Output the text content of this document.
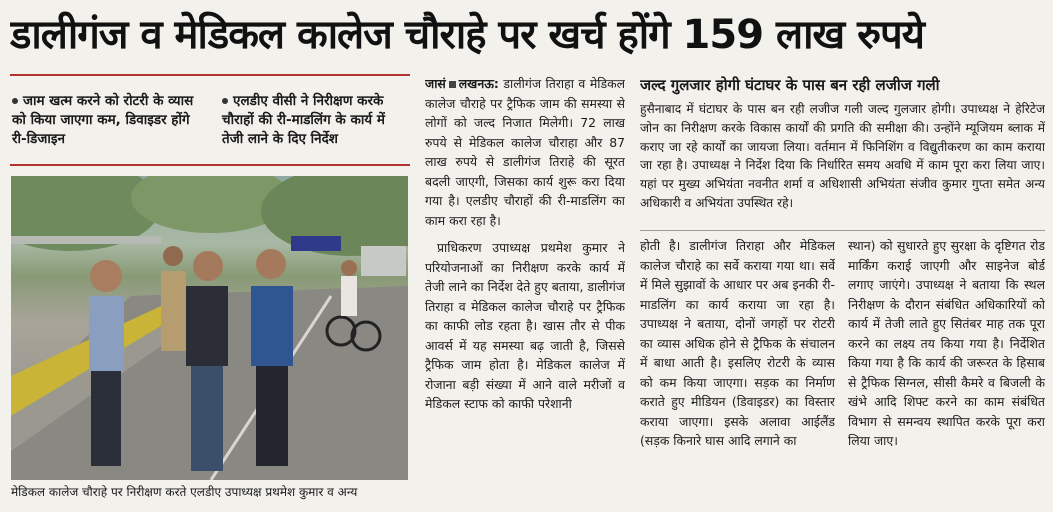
डालीगंज व मेडिकल कालेज चौराहे पर खर्च होंगे 159 लाख रुपये
जाम खत्म करने को रोटरी के व्यास को किया जाएगा कम, डिवाइडर होंगे री-डिजाइन
एलडीए वीसी ने निरीक्षण करके चौराहों की री-माडलिंग के कार्य में तेजी लाने के दिए निर्देश
मेडिकल कालेज चौराहे पर निरीक्षण करते एलडीए उपाध्यक्ष प्रथमेश कुमार व अन्य

जासं लखनऊ: डालीगंज तिराहा व मेडिकल कालेज चौराहे पर ट्रैफिक जाम की समस्या से लोगों को जल्द निजात मिलेगी। 72 लाख रुपये से मेडिकल कालेज चौराहा और 87 लाख रुपये से डालीगंज तिराहे की सूरत बदली जाएगी, जिसका कार्य शुरू करा दिया गया है। एलडीए चौराहों की री-माडलिंग का काम करा रहा है।

प्राधिकरण उपाध्यक्ष प्रथमेश कुमार ने परियोजनाओं का निरीक्षण करके कार्य में तेजी लाने का निर्देश देते हुए बताया, डालीगंज तिराहा व मेडिकल कालेज चौराहे पर ट्रैफिक का काफी लोड रहता है। खास तौर से पीक आवर्स में यह समस्या बढ़ जाती है, जिससे ट्रैफिक जाम होता है। मेडिकल कालेज में रोजाना बड़ी संख्या में आने वाले मरीजों व मेडिकल स्टाफ को काफी परेशानी

जल्द गुलजार होगी घंटाघर के पास बन रही लजीज गली
हुसैनाबाद में घंटाघर के पास बन रही लजीज गली जल्द गुलजार होगी। उपाध्यक्ष ने हेरिटेज जोन का निरीक्षण करके विकास कार्यों की प्रगति की समीक्षा की। उन्होंने म्यूजियम ब्लाक में कराए जा रहे कार्यों का जायजा लिया। वर्तमान में फिनिशिंग व विद्युतीकरण का काम कराया जा रहा है। उपाध्यक्ष ने निर्देश दिया कि निर्धारित समय अवधि में काम पूरा करा लिया जाए। यहां पर मुख्य अभियंता नवनीत शर्मा व अधिशासी अभियंता संजीव कुमार गुप्ता समेत अन्य अधिकारी व अभियंता उपस्थित रहे।

होती है। डालीगंज तिराहा और मेडिकल कालेज चौराहे का सर्वे कराया गया था। सर्वे में मिले सुझावों के आधार पर अब इनकी री-माडलिंग का कार्य कराया जा रहा है। उपाध्यक्ष ने बताया, दोनों जगहों पर रोटरी का व्यास अधिक होने से ट्रैफिक के संचालन में बाधा आती है। इसलिए रोटरी के व्यास को कम किया जाएगा। सड़क का निर्माण कराते हुए मीडियन (डिवाइडर) का विस्तार कराया जाएगा। इसके अलावा आईलैंड (सड़क किनारे घास आदि लगाने का

स्थान) को सुधारते हुए सुरक्षा के दृष्टिगत रोड मार्किंग कराई जाएगी और साइनेज बोर्ड लगाए जाएंगे। उपाध्यक्ष ने बताया कि स्थल निरीक्षण के दौरान संबंधित अधिकारियों को कार्य में तेजी लाते हुए सितंबर माह तक पूरा करने का लक्ष्य तय किया गया है। निर्देशित किया गया है कि कार्य की जरूरत के हिसाब से ट्रैफिक सिग्नल, सीसी कैमरे व बिजली के खंभे आदि शिफ्ट करने का काम संबंधित विभाग से समन्वय स्थापित करके पूरा करा लिया जाए।
